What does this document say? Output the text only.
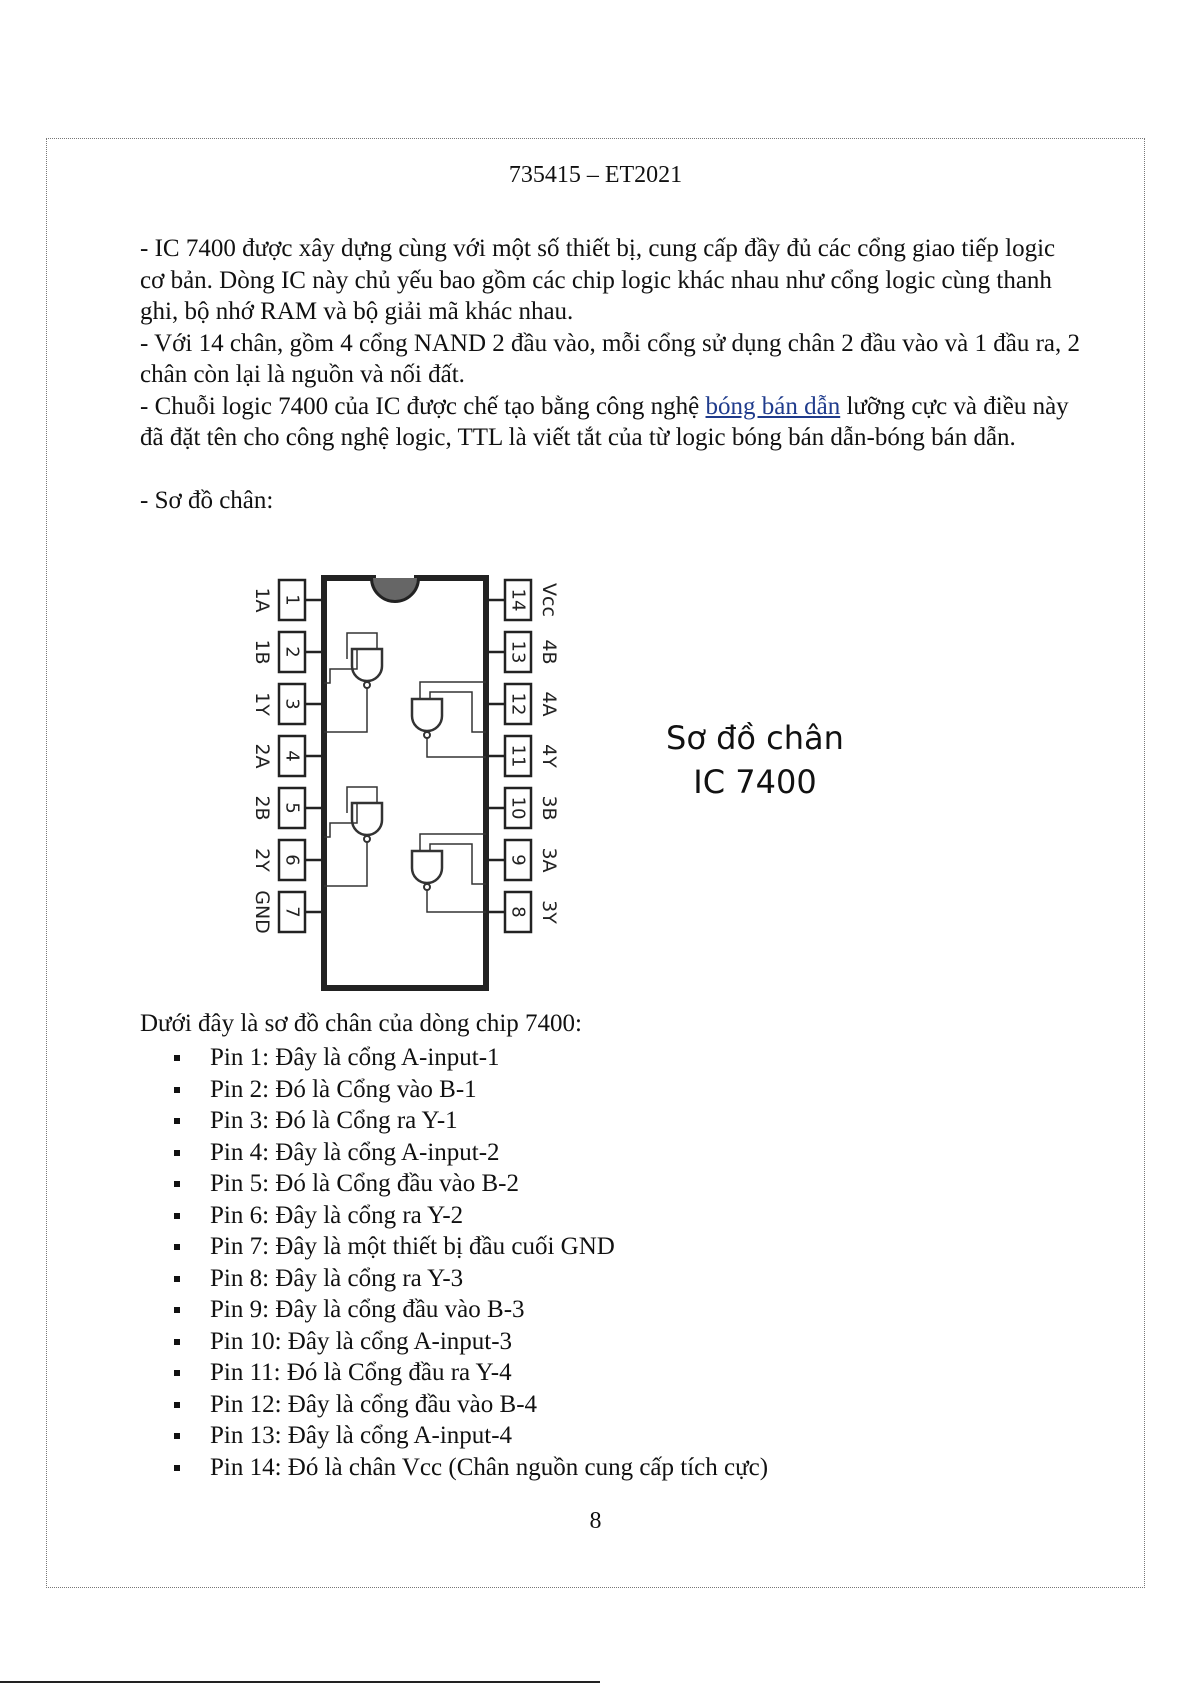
735415 – ET2021

- IC 7400 được xây dựng cùng với một số thiết bị, cung cấp đầy đủ các cổng giao tiếp logic cơ bản. Dòng IC này chủ yếu bao gồm các chip logic khác nhau như cổng logic cùng thanh ghi, bộ nhớ RAM và bộ giải mã khác nhau.

- Với 14 chân, gồm 4 cổng NAND 2 đầu vào, mỗi cổng sử dụng chân 2 đầu vào và 1 đầu ra, 2 chân còn lại là nguồn và nối đất.

- Chuỗi logic 7400 của IC được chế tạo bằng công nghệ bóng bán dẫn lưỡng cực và điều này đã đặt tên cho công nghệ logic, TTL là viết tắt của từ logic bóng bán dẫn-bóng bán dẫn.

- Sơ đồ chân:

1
1A
2
1B
3
1Y
4
2A
5
2B
6
2Y
7
GND
14 Vcc
13 4B
12 4A
11 4Y
10 3B
9 3A
8 3Y
Sơ đồ chân
IC 7400
Dưới đây là sơ đồ chân của dòng chip 7400:
Pin 1: Đây là cổng A-input-1
Pin 2: Đó là Cổng vào B-1
Pin 3: Đó là Cổng ra Y-1
Pin 4: Đây là cổng A-input-2
Pin 5: Đó là Cổng đầu vào B-2
Pin 6: Đây là cổng ra Y-2
Pin 7: Đây là một thiết bị đầu cuối GND
Pin 8: Đây là cổng ra Y-3
Pin 9: Đây là cổng đầu vào B-3
Pin 10: Đây là cổng A-input-3
Pin 11: Đó là Cổng đầu ra Y-4
Pin 12: Đây là cổng đầu vào B-4
Pin 13: Đây là cổng A-input-4
Pin 14: Đó là chân Vcc (Chân nguồn cung cấp tích cực)
8
